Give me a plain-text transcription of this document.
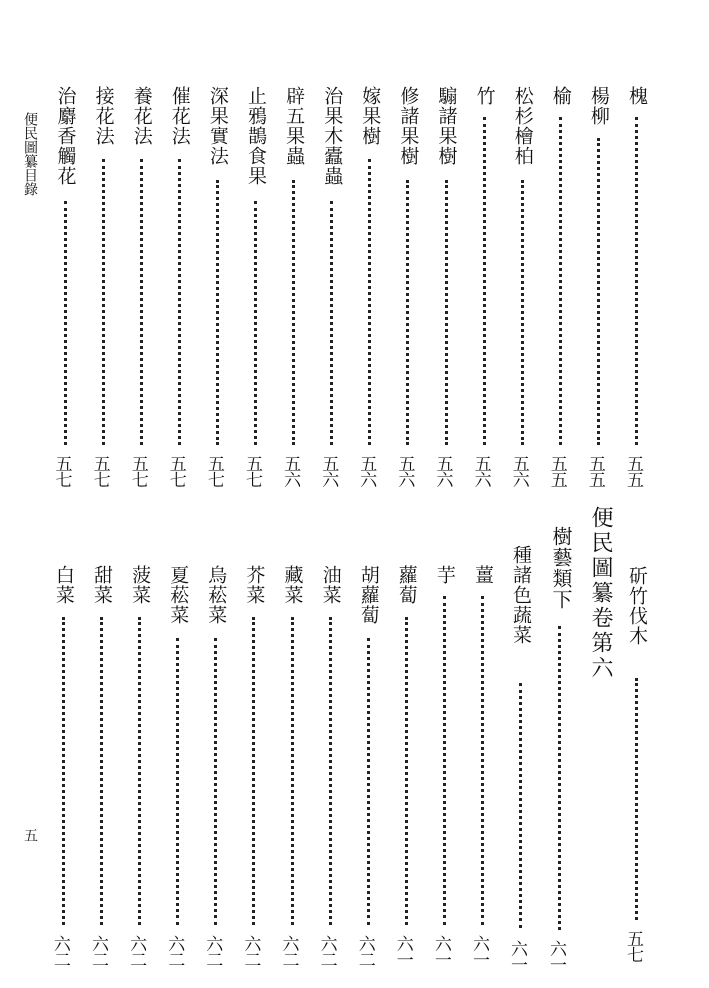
便民圖纂目錄
五
槐
五五
楊柳
五五
榆
五五
松杉檜柏
五六
竹
五六
騸諸果樹
五六
修諸果樹
五六
嫁果樹
五六
治果木蠹蟲
五六
辟五果蟲
五六
止鴉鵲食果
五七
深果實法
五七
催花法
五七
養花法
五七
接花法
五七
治麝香觸花
五七
斫竹伐木
五七
便民圖纂卷第六
樹藝類下
六一
種諸色蔬菜
六一
薑
六一
芋
六一
蘿蔔
六一
胡蘿蔔
六二
油菜
六二
藏菜
六二
芥菜
六二
烏菘菜
六二
夏菘菜
六二
菠菜
六二
甜菜
六二
白菜
六二
